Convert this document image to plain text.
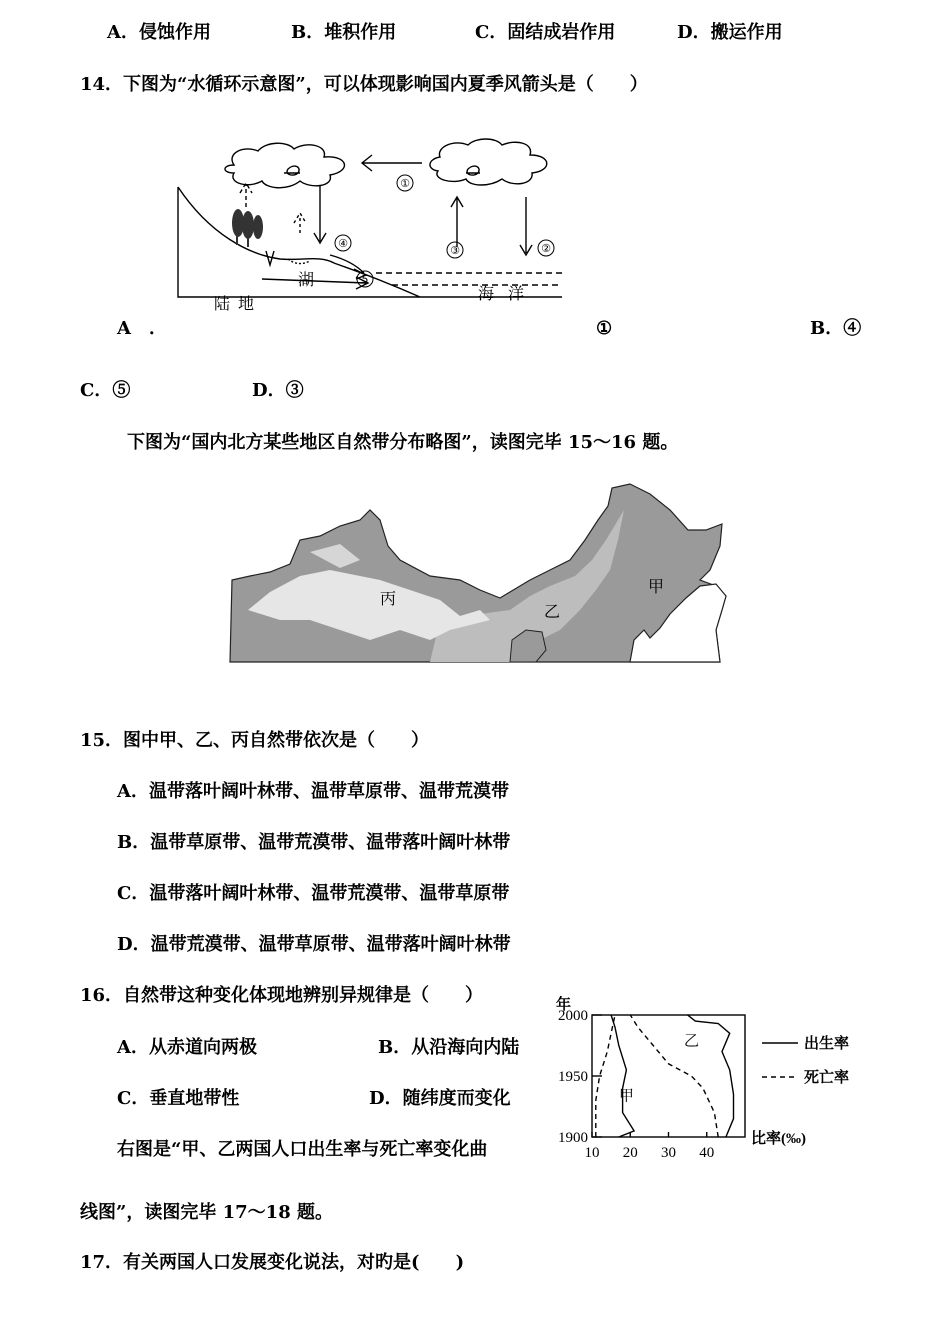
A．侵蚀作用	B．堆积作用	C．固结成岩作用	D．搬运作用
14．下图为“水循环示意图”，可以体现影响国内夏季风箭头是（　　）
①
②
③
④
5
湖
陆地
海洋
A　．	①	B．④
C．⑤	D．③
下图为“国内北方某些地区自然带分布略图”，读图完毕 15～16 题。
丙
乙
甲
15．图中甲、乙、丙自然带依次是（　　）
A．温带落叶阔叶林带、温带草原带、温带荒漠带
B．温带草原带、温带荒漠带、温带落叶阔叶林带
C．温带落叶阔叶林带、温带荒漠带、温带草原带
D．温带荒漠带、温带草原带、温带落叶阔叶林带
16．自然带这种变化体现地辨别异规律是（　　）
A．从赤道向两极	B．从沿海向内陆
C．垂直地带性	D．随纬度而变化
右图是“甲、乙两国人口出生率与死亡率变化曲
线图”，读图完毕 17～18 题。
1900
1950
2000
10 20 30 40
年
比率(‰)
甲
乙	出生率
死亡率
17．有关两国人口发展变化说法，对旳是(　　)
